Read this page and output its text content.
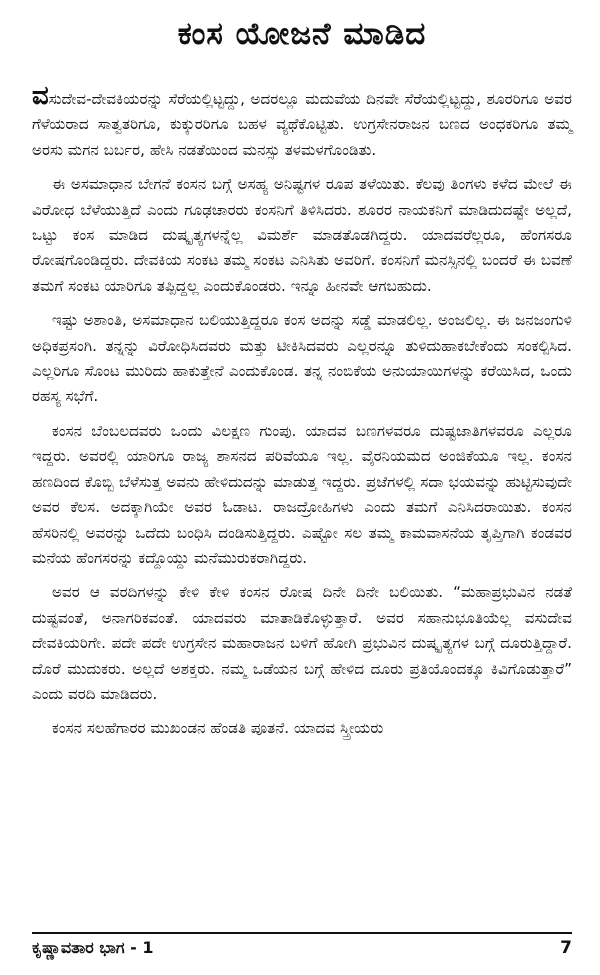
ಕಂಸ ಯೋಜನೆ ಮಾಡಿದ

ವಸುದೇವ-ದೇವಕಿಯರನ್ನು ಸೆರೆಯಲ್ಲಿಟ್ಟದ್ದು, ಅದರಲ್ಲೂ ಮದುವೆಯ ದಿನವೇ ಸೆರೆಯಲ್ಲಿಟ್ಟದ್ದು, ಶೂರರಿಗೂ ಅವರ ಗೆಳೆಯರಾದ ಸಾತ್ವತರಿಗೂ, ಕುಕ್ಕುರರಿಗೂ ಬಹಳ ವ್ಯಥೆಕೊಟ್ಟಿತು. ಉಗ್ರಸೇನರಾಜನ ಬಣದ ಅಂಧಕರಿಗೂ ತಮ್ಮ ಅರಸು ಮಗನ ಬರ್ಬರ, ಹೇಸಿ ನಡತೆಯಿಂದ ಮನಸ್ಸು ತಳಮಳಗೊಂಡಿತು.

ಈ ಅಸಮಾಧಾನ ಬೇಗನೆ ಕಂಸನ ಬಗ್ಗೆ ಅಸಹ್ಯ ಅನಿಷ್ಟಗಳ ರೂಪ ತಳೆಯಿತು. ಕೆಲವು ತಿಂಗಳು ಕಳೆದ ಮೇಲೆ ಈ ವಿರೋಧ ಬೆಳೆಯುತ್ತಿದೆ ಎಂದು ಗೂಢಚಾರರು ಕಂಸನಿಗೆ ತಿಳಿಸಿದರು. ಶೂರರ ನಾಯಕನಿಗೆ ಮಾಡಿದುದಷ್ಟೇ ಅಲ್ಲದೆ, ಒಟ್ಟು ಕಂಸ ಮಾಡಿದ ದುಷ್ಕೃತ್ಯಗಳನ್ನೆಲ್ಲ ವಿಮರ್ಶೆ ಮಾಡತೊಡಗಿದ್ದರು. ಯಾದವರೆಲ್ಲರೂ, ಹೆಂಗಸರೂ ರೋಷಗೊಂಡಿದ್ದರು. ದೇವಕಿಯ ಸಂಕಟ ತಮ್ಮ ಸಂಕಟ ಎನಿಸಿತು ಅವರಿಗೆ. ಕಂಸನಿಗೆ ಮನಸ್ಸಿನಲ್ಲಿ ಬಂದರೆ ಈ ಬವಣೆ ತಮಗೆ ಸಂಕಟ ಯಾರಿಗೂ ತಪ್ಪಿದ್ದಲ್ಲ ಎಂದುಕೊಂಡರು. ಇನ್ನೂ ಹೀನವೇ ಆಗಬಹುದು.

ಇಷ್ಟು ಅಶಾಂತಿ, ಅಸಮಾಧಾನ ಬಲಿಯುತ್ತಿದ್ದರೂ ಕಂಸ ಅದನ್ನು ಸಡ್ಡೆ ಮಾಡಲಿಲ್ಲ. ಅಂಜಲಿಲ್ಲ. ಈ ಜನಜಂಗುಳಿ ಅಧಿಕಪ್ರಸಂಗಿ. ತನ್ನನ್ನು ವಿರೋಧಿಸಿದವರು ಮತ್ತು ಟೀಕಿಸಿದವರು ಎಲ್ಲರನ್ನೂ ತುಳಿದುಹಾಕಬೇಕೆಂದು ಸಂಕಲ್ಪಿಸಿದ. ಎಲ್ಲರಿಗೂ ಸೊಂಟ ಮುರಿದು ಹಾಕುತ್ತೇನೆ ಎಂದುಕೊಂಡ. ತನ್ನ ನಂಬಿಕೆಯ ಅನುಯಾಯಿಗಳನ್ನು ಕರೆಯಿಸಿದ, ಒಂದು ರಹಸ್ಯ ಸಭೆಗೆ.

ಕಂಸನ ಬೆಂಬಲದವರು ಒಂದು ವಿಲಕ್ಷಣ ಗುಂಪು. ಯಾದವ ಬಣಗಳವರೂ ದುಷ್ಟಜಾತಿಗಳವರೂ ಎಲ್ಲರೂ ಇದ್ದರು. ಅವರಲ್ಲಿ ಯಾರಿಗೂ ರಾಜ್ಯ ಶಾಸನದ ಪರಿವೆಯೂ ಇಲ್ಲ. ವೈರನಿಯಮದ ಅಂಜಿಕೆಯೂ ಇಲ್ಲ. ಕಂಸನ ಹಣದಿಂದ ಕೊಬ್ಬಿ ಬೆಳೆಸುತ್ತ ಅವನು ಹೇಳಿದುದನ್ನು ಮಾಡುತ್ತ ಇದ್ದರು. ಪ್ರಜೆಗಳಲ್ಲಿ ಸದಾ ಭಯವನ್ನು ಹುಟ್ಟಿಸುವುದೇ ಅವರ ಕೆಲಸ. ಅದಕ್ಕಾಗಿಯೇ ಅವರ ಓಡಾಟ. ರಾಜದ್ರೋಹಿಗಳು ಎಂದು ತಮಗೆ ಎನಿಸಿದರಾಯಿತು. ಕಂಸನ ಹೆಸರಿನಲ್ಲಿ ಅವರನ್ನು ಒದೆದು ಬಂಧಿಸಿ ದಂಡಿಸುತ್ತಿದ್ದರು. ಎಷ್ಟೋ ಸಲ ತಮ್ಮ ಕಾಮವಾಸನೆಯ ತೃಪ್ತಿಗಾಗಿ ಕಂಡವರ ಮನೆಯ ಹೆಂಗಸರನ್ನು ಕದ್ದೊಯ್ದು ಮನೆಮುರುಕರಾಗಿದ್ದರು.

ಅವರ ಆ ವರದಿಗಳನ್ನು ಕೇಳಿ ಕೇಳಿ ಕಂಸನ ರೋಷ ದಿನೇ ದಿನೇ ಬಲಿಯಿತು. “ಮಹಾಪ್ರಭುವಿನ ನಡತೆ ದುಷ್ಟವಂತೆ, ಅನಾಗರಿಕವಂತೆ. ಯಾದವರು ಮಾತಾಡಿಕೊಳ್ಳುತ್ತಾರೆ. ಅವರ ಸಹಾನುಭೂತಿಯೆಲ್ಲ ವಸುದೇವ ದೇವಕಿಯರಿಗೇ. ಪದೇ ಪದೇ ಉಗ್ರಸೇನ ಮಹಾರಾಜನ ಬಳಿಗೆ ಹೋಗಿ ಪ್ರಭುವಿನ ದುಷ್ಕೃತ್ಯಗಳ ಬಗ್ಗೆ ದೂರುತ್ತಿದ್ದಾರೆ. ದೊರೆ ಮುದುಕರು. ಅಲ್ಲದೆ ಅಶಕ್ತರು. ನಮ್ಮ ಒಡೆಯನ ಬಗ್ಗೆ ಹೇಳಿದ ದೂರು ಪ್ರತಿಯೊಂದಕ್ಕೂ ಕಿವಿಗೊಡುತ್ತಾರೆ” ಎಂದು ವರದಿ ಮಾಡಿದರು.

ಕಂಸನ ಸಲಹೆಗಾರರ ಮುಖಂಡನ ಹೆಂಡತಿ ಪೂತನೆ. ಯಾದವ ಸ್ತ್ರೀಯರು

ಕೃಷ್ಣಾವತಾರ ಭಾಗ - 1	7
